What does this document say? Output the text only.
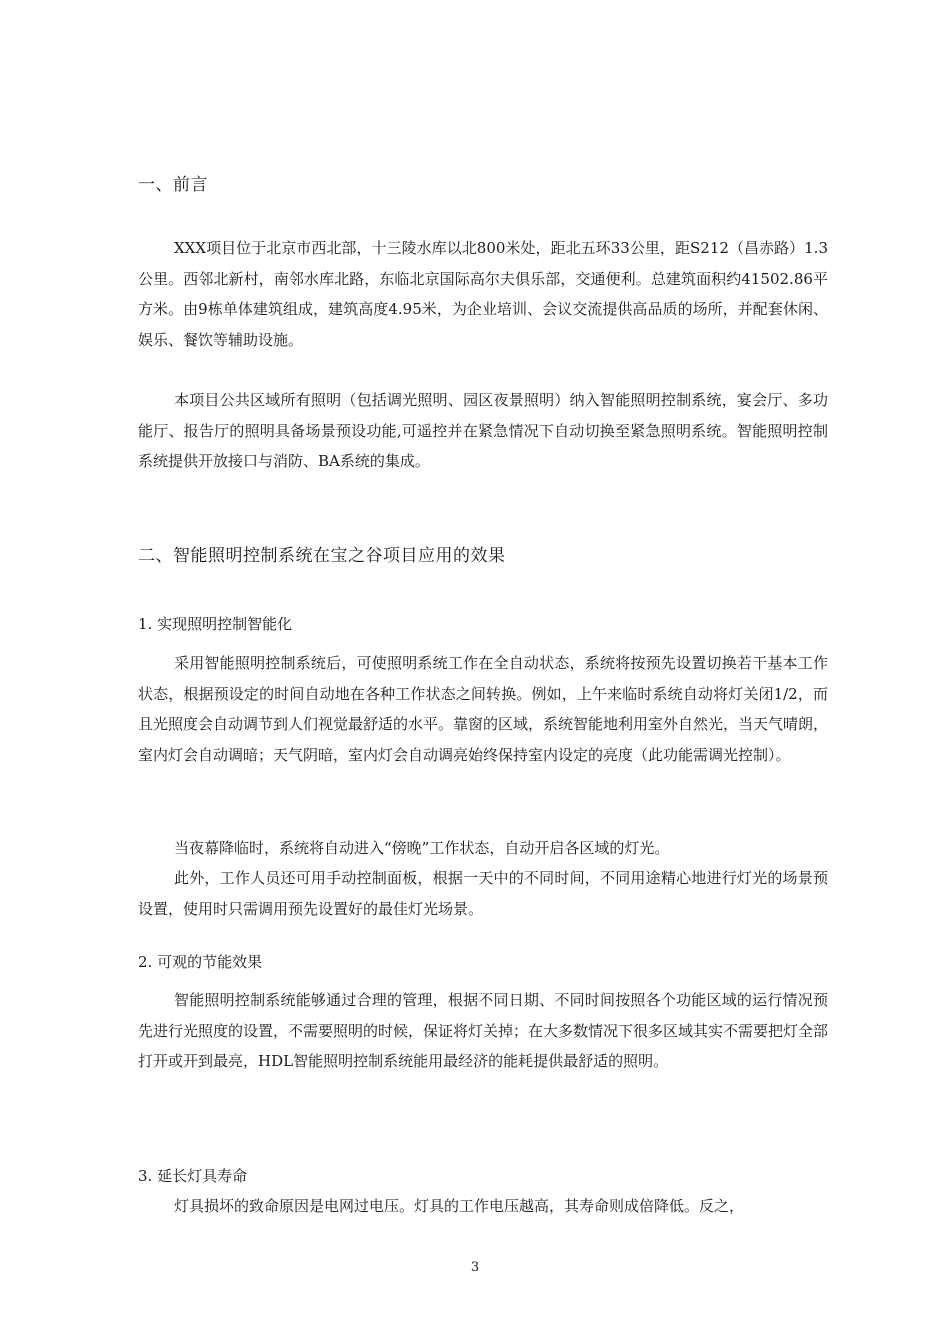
一、前言

XXX项目位于北京市西北部，十三陵水库以北800米处，距北五环33公里，距S212（昌赤路）1.3公里。西邻北新村，南邻水库北路，东临北京国际高尔夫俱乐部，交通便利。总建筑面积约41502.86平方米。由9栋单体建筑组成，建筑高度4.95米，为企业培训、会议交流提供高品质的场所，并配套休闲、娱乐、餐饮等辅助设施。

本项目公共区域所有照明（包括调光照明、园区夜景照明）纳入智能照明控制系统，宴会厅、多功能厅、报告厅的照明具备场景预设功能,可遥控并在紧急情况下自动切换至紧急照明系统。智能照明控制系统提供开放接口与消防、BA系统的集成。

二、智能照明控制系统在宝之谷项目应用的效果
1. 实现照明控制智能化

采用智能照明控制系统后，可使照明系统工作在全自动状态，系统将按预先设置切换若干基本工作状态，根据预设定的时间自动地在各种工作状态之间转换。例如，上午来临时系统自动将灯关闭1/2，而且光照度会自动调节到人们视觉最舒适的水平。靠窗的区域，系统智能地利用室外自然光，当天气晴朗，室内灯会自动调暗；天气阴暗，室内灯会自动调亮始终保持室内设定的亮度（此功能需调光控制）。

当夜幕降临时，系统将自动进入“傍晚”工作状态，自动开启各区域的灯光。

此外，工作人员还可用手动控制面板，根据一天中的不同时间，不同用途精心地进行灯光的场景预设置，使用时只需调用预先设置好的最佳灯光场景。

2. 可观的节能效果

智能照明控制系统能够通过合理的管理，根据不同日期、不同时间按照各个功能区域的运行情况预先进行光照度的设置，不需要照明的时候，保证将灯关掉；在大多数情况下很多区域其实不需要把灯全部打开或开到最亮，HDL智能照明控制系统能用最经济的能耗提供最舒适的照明。

3. 延长灯具寿命

灯具损坏的致命原因是电网过电压。灯具的工作电压越高，其寿命则成倍降低。反之，

3
